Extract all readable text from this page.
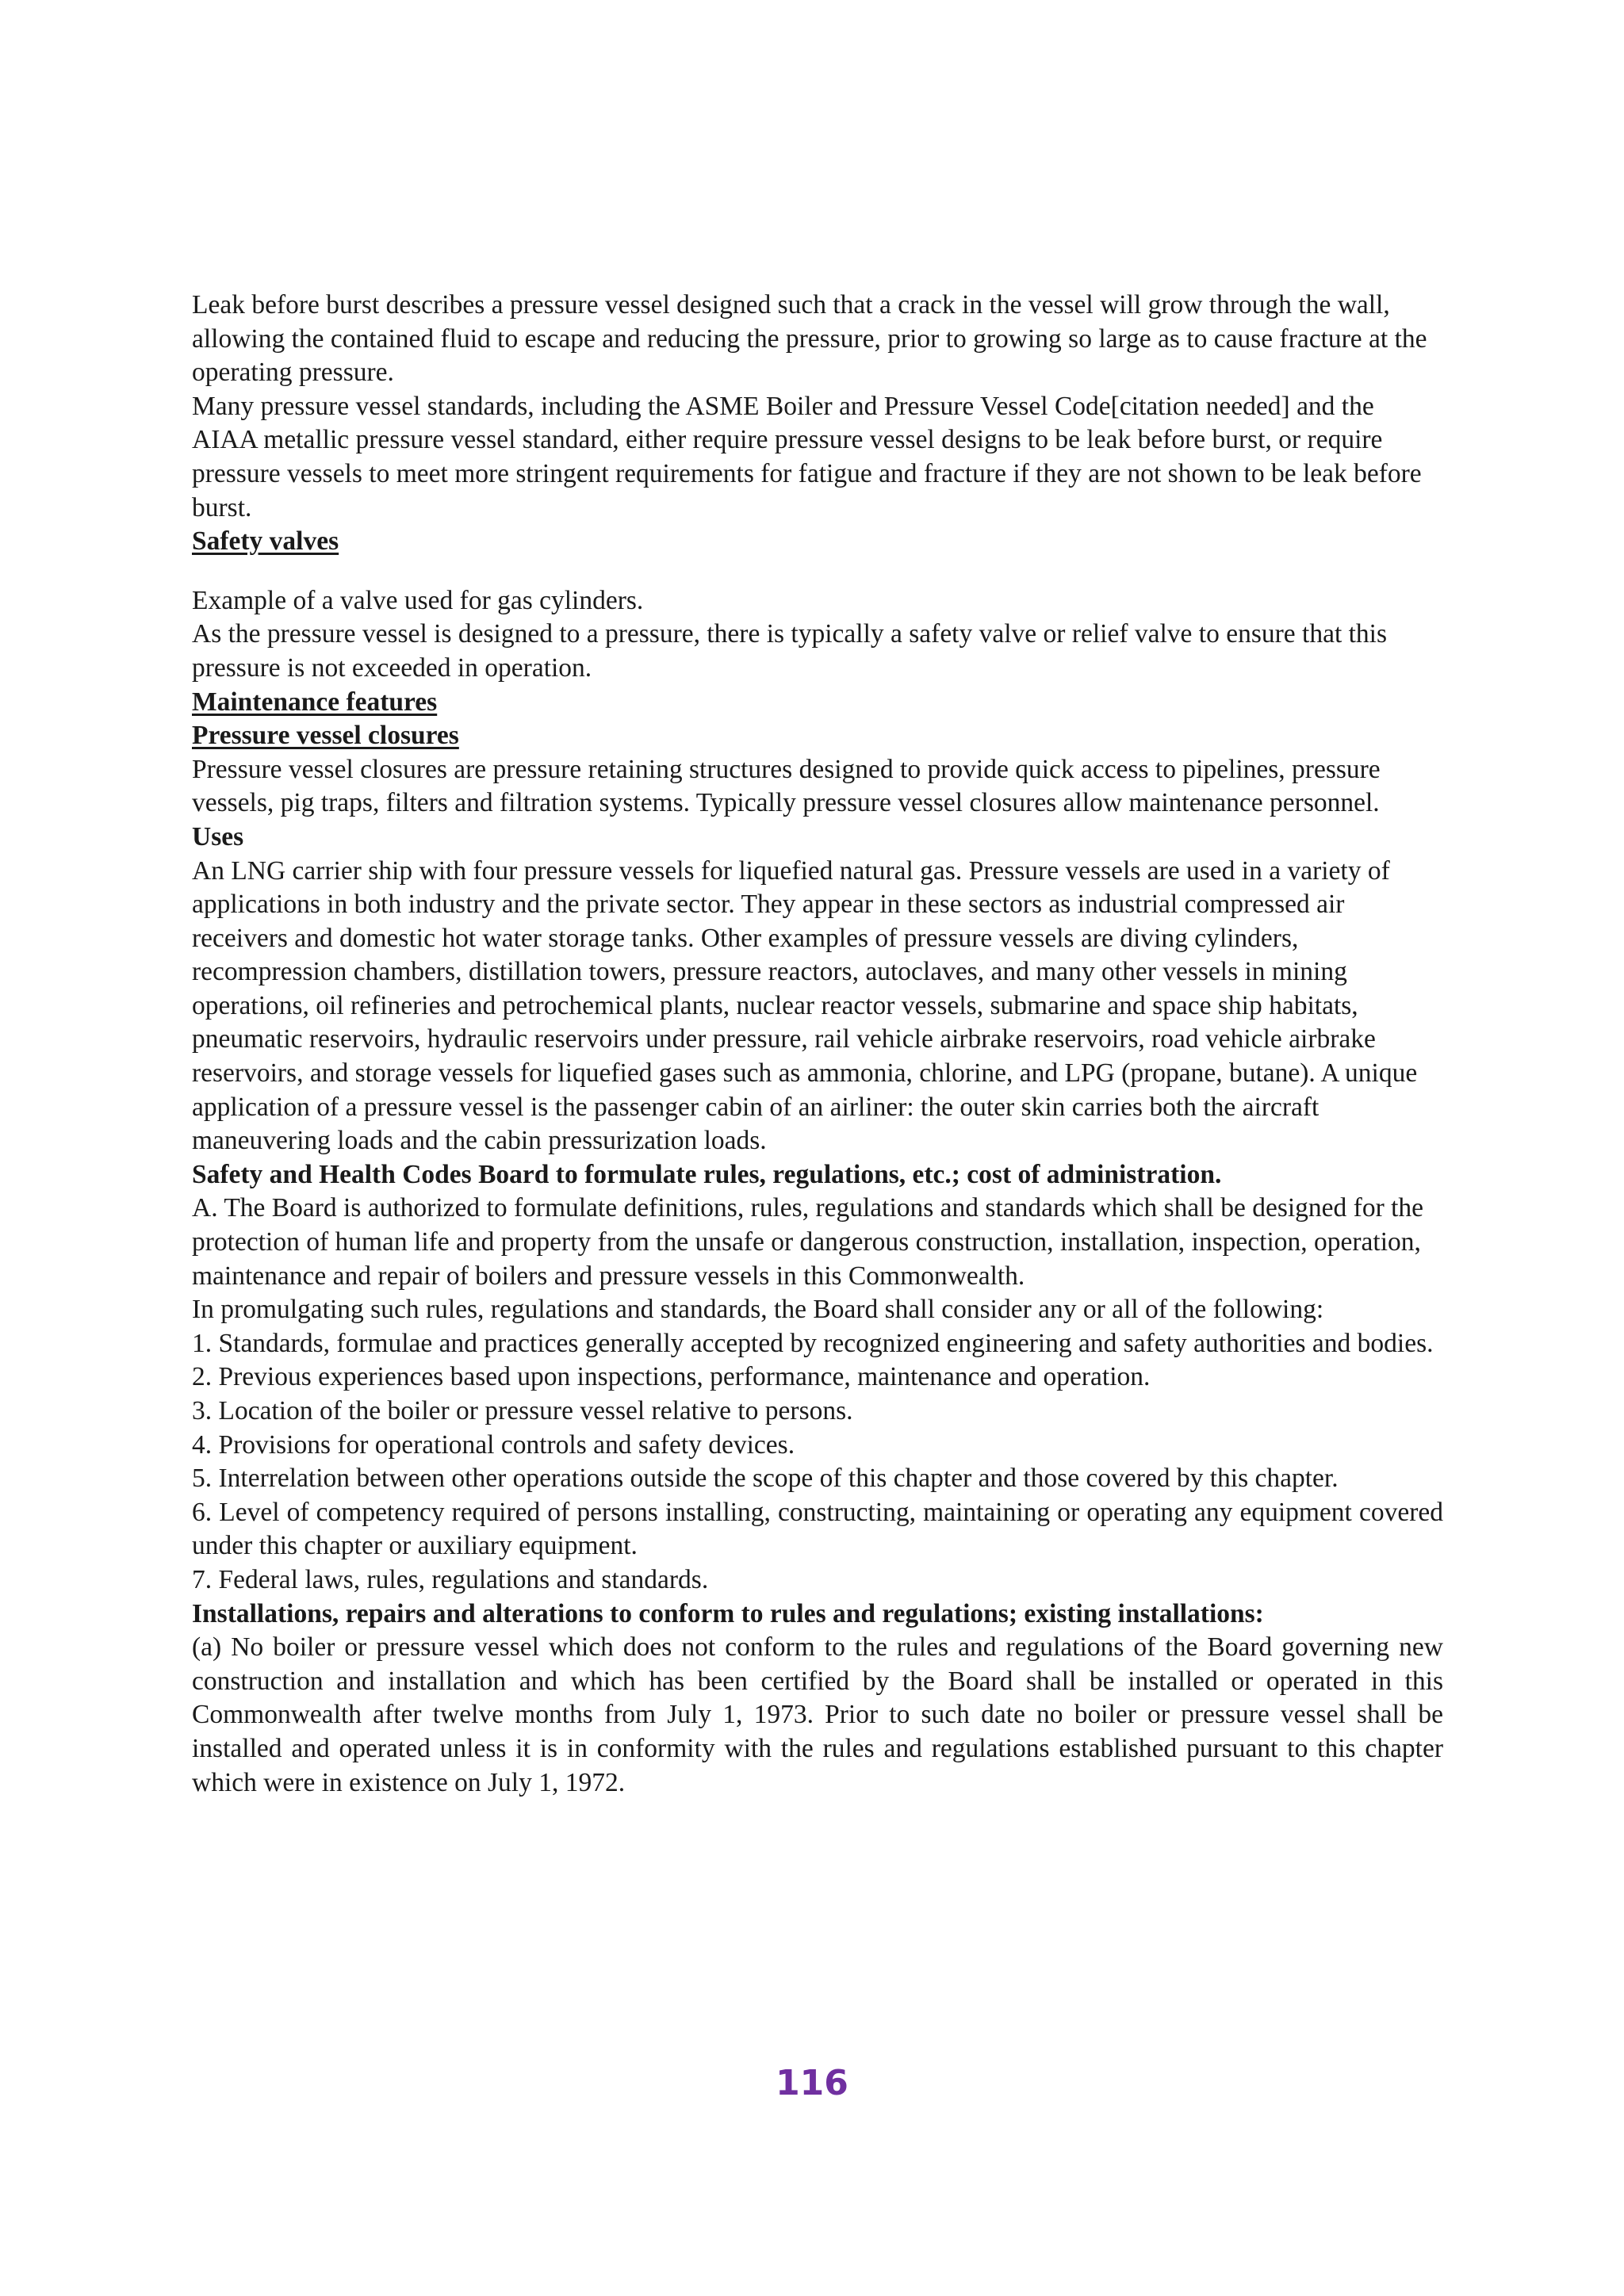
Leak before burst describes a pressure vessel designed such that a crack in the vessel will grow through the wall, allowing the contained fluid to escape and reducing the pressure, prior to growing so large as to cause fracture at the operating pressure.

Many pressure vessel standards, including the ASME Boiler and Pressure Vessel Code[citation needed] and the AIAA metallic pressure vessel standard, either require pressure vessel designs to be leak before burst, or require pressure vessels to meet more stringent requirements for fatigue and fracture if they are not shown to be leak before burst.

Safety valves

Example of a valve used for gas cylinders.

As the pressure vessel is designed to a pressure, there is typically a safety valve or relief valve to ensure that this pressure is not exceeded in operation.

Maintenance features

Pressure vessel closures

Pressure vessel closures are pressure retaining structures designed to provide quick access to pipelines, pressure vessels, pig traps, filters and filtration systems. Typically pressure vessel closures allow maintenance personnel.

Uses

An LNG carrier ship with four pressure vessels for liquefied natural gas. Pressure vessels are used in a variety of applications in both industry and the private sector. They appear in these sectors as industrial compressed air receivers and domestic hot water storage tanks. Other examples of pressure vessels are diving cylinders, recompression chambers, distillation towers, pressure reactors, autoclaves, and many other vessels in mining operations, oil refineries and petrochemical plants, nuclear reactor vessels, submarine and space ship habitats, pneumatic reservoirs, hydraulic reservoirs under pressure, rail vehicle airbrake reservoirs, road vehicle airbrake reservoirs, and storage vessels for liquefied gases such as ammonia, chlorine, and LPG (propane, butane). A unique application of a pressure vessel is the passenger cabin of an airliner: the outer skin carries both the aircraft maneuvering loads and the cabin pressurization loads.

Safety and Health Codes Board to formulate rules, regulations, etc.; cost of administration.

A. The Board is authorized to formulate definitions, rules, regulations and standards which shall be designed for the protection of human life and property from the unsafe or dangerous construction, installation, inspection, operation, maintenance and repair of boilers and pressure vessels in this Commonwealth.

In promulgating such rules, regulations and standards, the Board shall consider any or all of the following:

1. Standards, formulae and practices generally accepted by recognized engineering and safety authorities and bodies.

2. Previous experiences based upon inspections, performance, maintenance and operation.

3. Location of the boiler or pressure vessel relative to persons.

4. Provisions for operational controls and safety devices.

5. Interrelation between other operations outside the scope of this chapter and those covered by this chapter.

6. Level of competency required of persons installing, constructing, maintaining or operating any equipment covered under this chapter or auxiliary equipment.

7. Federal laws, rules, regulations and standards.

Installations, repairs and alterations to conform to rules and regulations; existing installations:

(a) No boiler or pressure vessel which does not conform to the rules and regulations of the Board governing new construction and installation and which has been certified by the Board shall be installed or operated in this Commonwealth after twelve months from July 1, 1973. Prior to such date no boiler or pressure vessel shall be installed and operated unless it is in conformity with the rules and regulations established pursuant to this chapter which were in existence on July 1, 1972.

116
